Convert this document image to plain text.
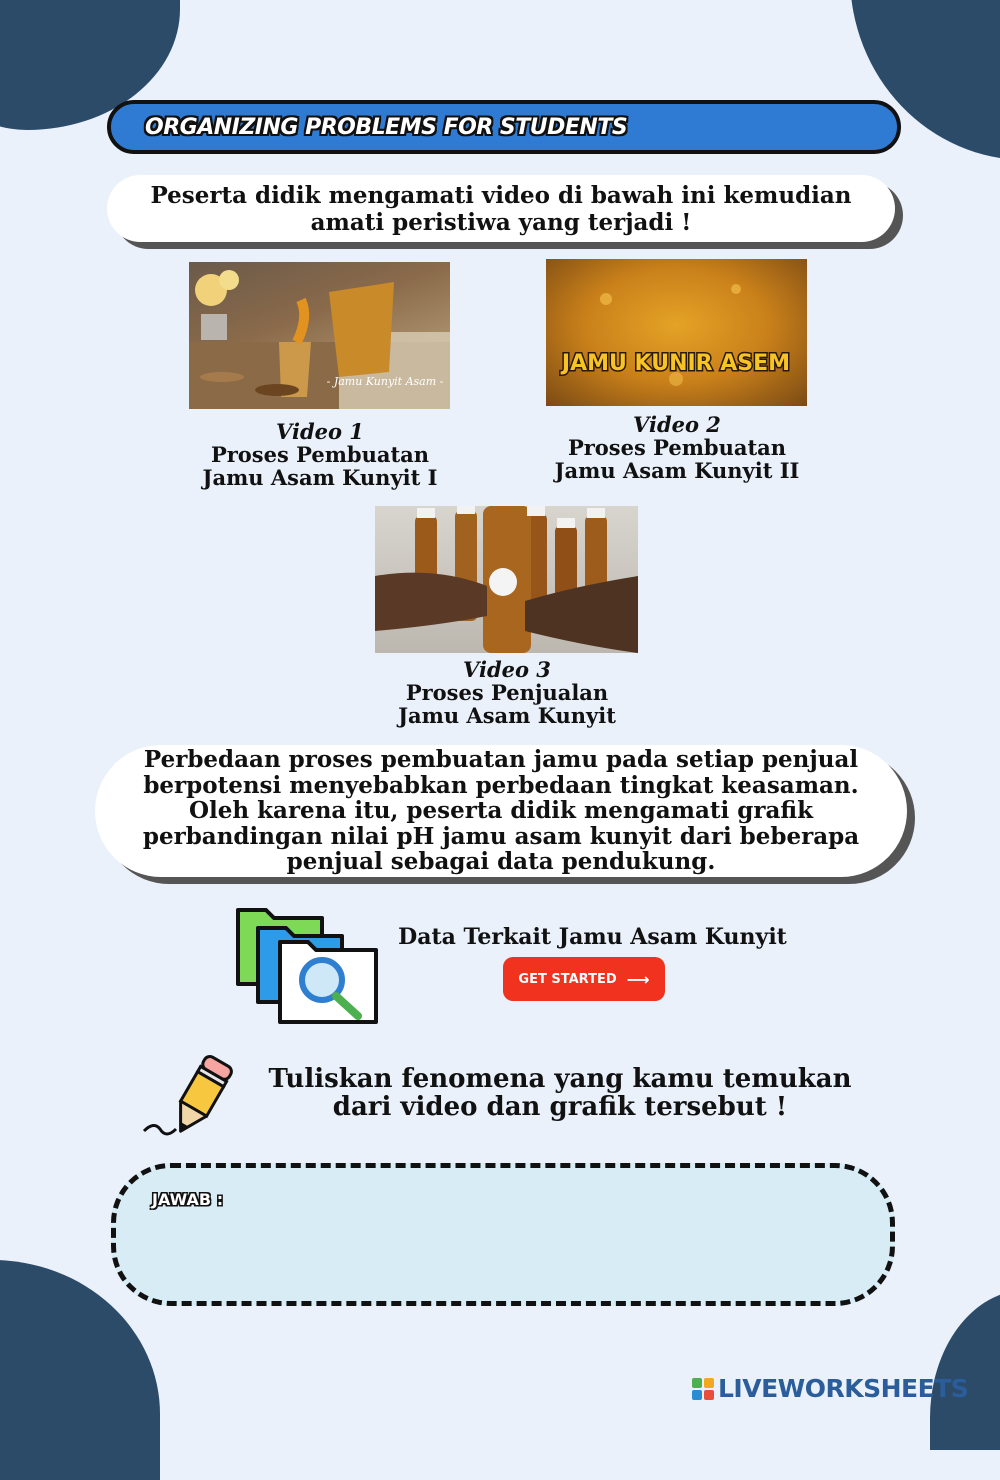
ORGANIZING PROBLEMS FOR STUDENTS
Peserta didik mengamati video di bawah ini kemudian amati peristiwa yang terjadi !
- Jamu Kunyit Asam -
Video 1
Proses Pembuatan
Jamu Asam Kunyit I
JAMU KUNIR ASEM
Video 2
Proses Pembuatan
Jamu Asam Kunyit II
Video 3
Proses Penjualan
Jamu Asam Kunyit
Perbedaan proses pembuatan jamu pada setiap penjual berpotensi menyebabkan perbedaan tingkat keasaman. Oleh karena itu, peserta didik mengamati grafik perbandingan nilai pH jamu asam kunyit dari beberapa penjual sebagai data pendukung.
Data Terkait Jamu Asam Kunyit
GET STARTED ⟶
Tuliskan fenomena yang kamu temukan dari video dan grafik tersebut !
JAWAB :
LIVEWORKSHEETS
